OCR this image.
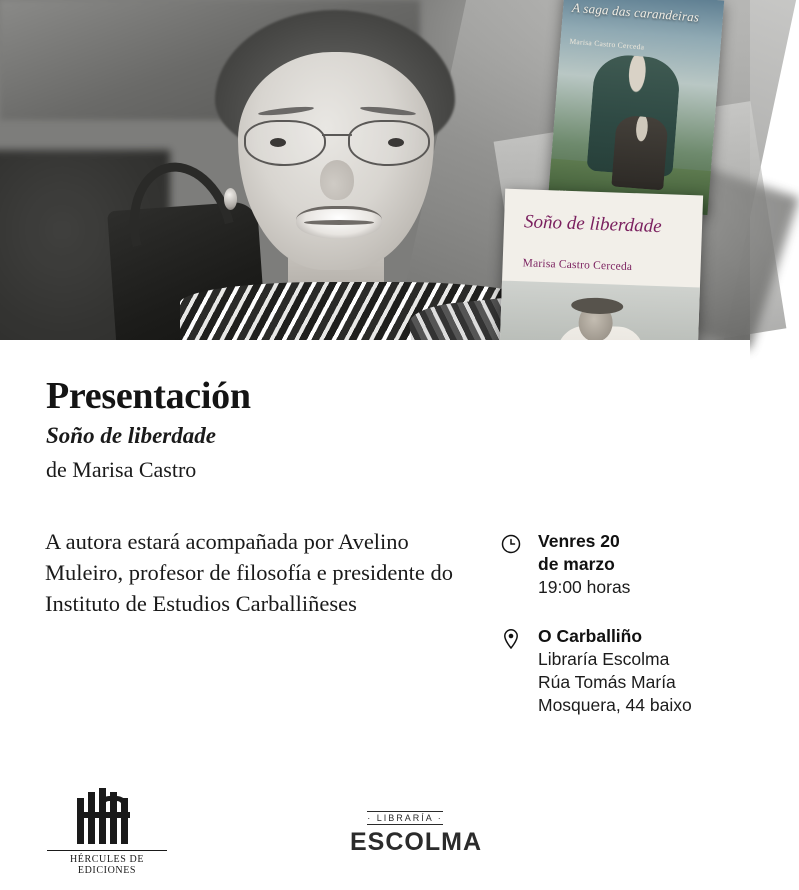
A saga das carandeiras
Marisa Castro Cerceda
Soño de liberdade
Marisa Castro Cerceda
Presentación
Soño de liberdade
de Marisa Castro
A autora estará acompañada por Avelino Muleiro, profesor de filosofía e presidente do Instituto de Estudios Carballiñeses
Venres 20
de marzo
19:00 horas
O Carballiño
Libraría Escolma
Rúa Tomás María
Mosquera, 44 baixo
HÉRCULES DE EDICIONES
· LIBRARÍA ·
ESCOLMA
